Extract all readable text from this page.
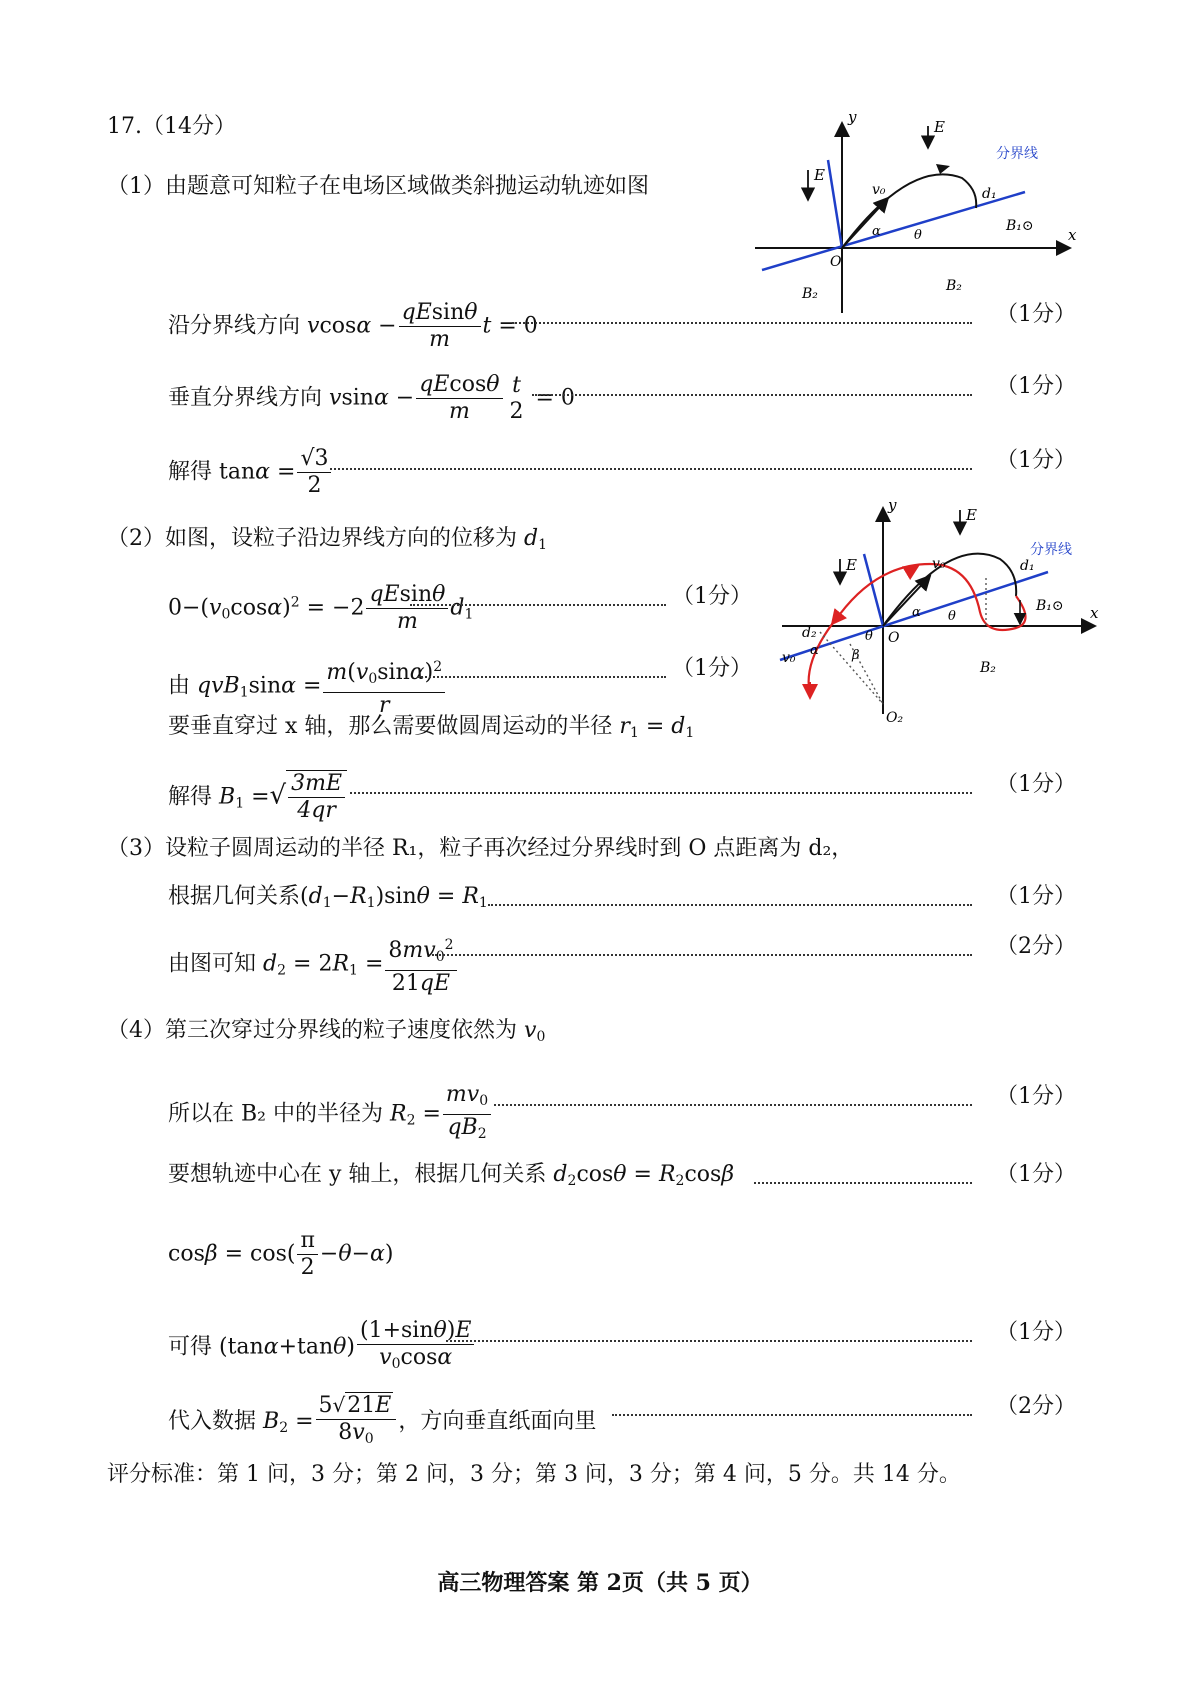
17.（14分）	y
x
E
E
分界线
v₀	d₁
B₁⊙
α	θ
O
B₂	B₂
（1）由题意可知粒子在电场区域做类斜抛运动轨迹如图
沿分界线方向 $vcos\alpha - \frac{qEsin\theta}{m}$ t = 0	（1分）
垂直分界线方向 $vsin\alpha - \frac{qEcos\theta}{m}$ t
2
= 0	（1分）
解得 $\tan\alpha = \frac{√3}{2}$	（1分）
y
x
E
E
分界线
v₀
v₀
d₁
d₂
B₁⊙
α
α
θ
θ
β
O
O₂
B₂
（2）如图，设粒子沿边界线方向的位移为 $d_1$
$0-(v_0\cos\alpha)^2 = -2 \frac{qEsin\theta}{m} d_1$
（1分）
由 $qvB_1\sin\alpha = \frac{m(v_0\sin\alpha)^2}{r}$	（1分）
要垂直穿过 x 轴，那么需要做圆周运动的半径 $r_1 = d_1$
解得 $B_1$ =√ $\frac{3mE}{4qr}$	（1分）
（3）设粒子圆周运动的半径 R₁，粒子再次经过分界线时到 O 点距离为 d₂，
根据几何关系$(d_1-R_1)\sin\theta = R_1$	（1分）
由图可知 $d_2 = 2R_1 = \frac{8mv_0^2}{21qE}$	（2分）
（4）第三次穿过分界线的粒子速度依然为 $v_0$
所以在 B₂ 中的半径为 $R_2 = \frac{mv_0}{qB_2}$	（1分）
要想轨迹中心在 y 轴上，根据几何关系 $d_2\cos\theta = R_2\cos\beta$	（1分）
$\cos\beta = \cos( \frac{\pi}{2} -\theta-\alpha)$
可得 $(\tan\alpha+\tan\theta) \frac{(1+\sin\theta)E}{v_0\cos\alpha}$	（1分）
代入数据 $B_2 = \frac{5√21E}{8v_0}$ ，方向垂直纸面向里
（2分）
评分标准：第 1 问，3 分；第 2 问，3 分；第 3 问，3 分；第 4 问，5 分。共 14 分。
高三物理答案 第 2页（共 5 页）
